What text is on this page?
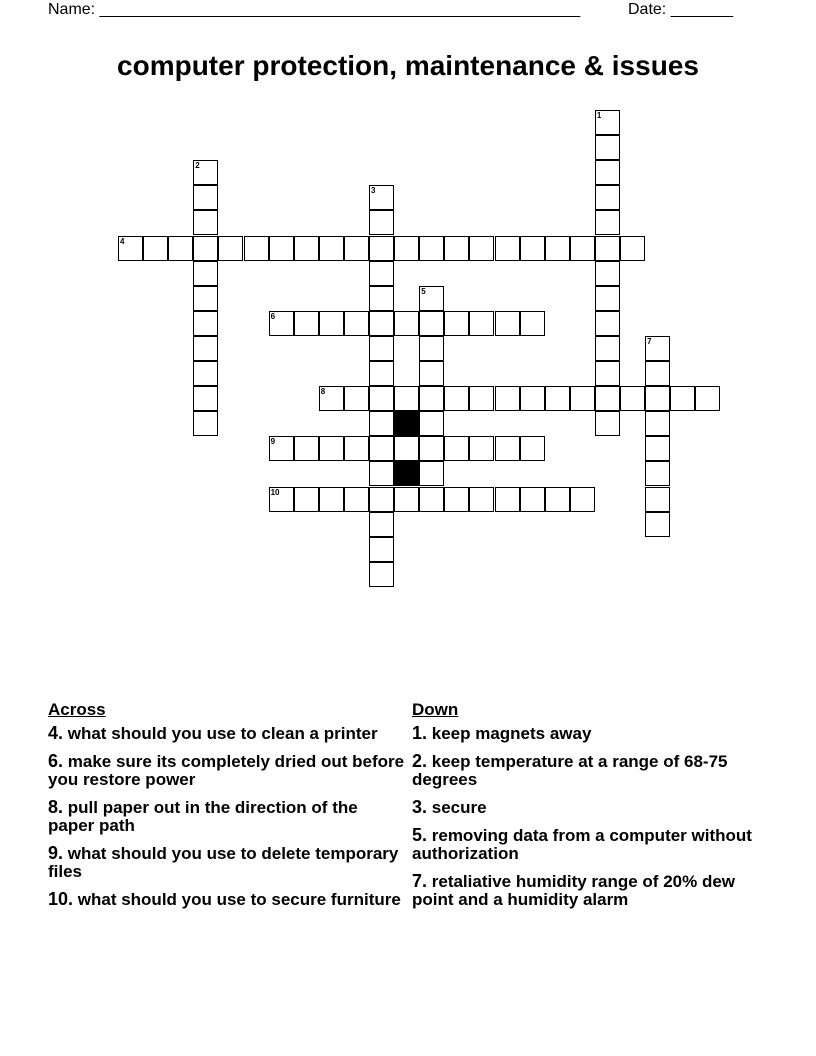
Name: ______________________________________________________	Date: _______
computer protection, maintenance & issues
1
2
3
4
5
6
7
8
9
10
Across
4. what should you use to clean a printer
6. make sure its completely dried out before you restore power
8. pull paper out in the direction of the paper path
9. what should you use to delete temporary files
10. what should you use to secure furniture
Down
1. keep magnets away
2. keep temperature at a range of 68-75 degrees
3. secure
5. removing data from a computer without authorization
7. retaliative humidity range of 20% dew point and a humidity alarm
